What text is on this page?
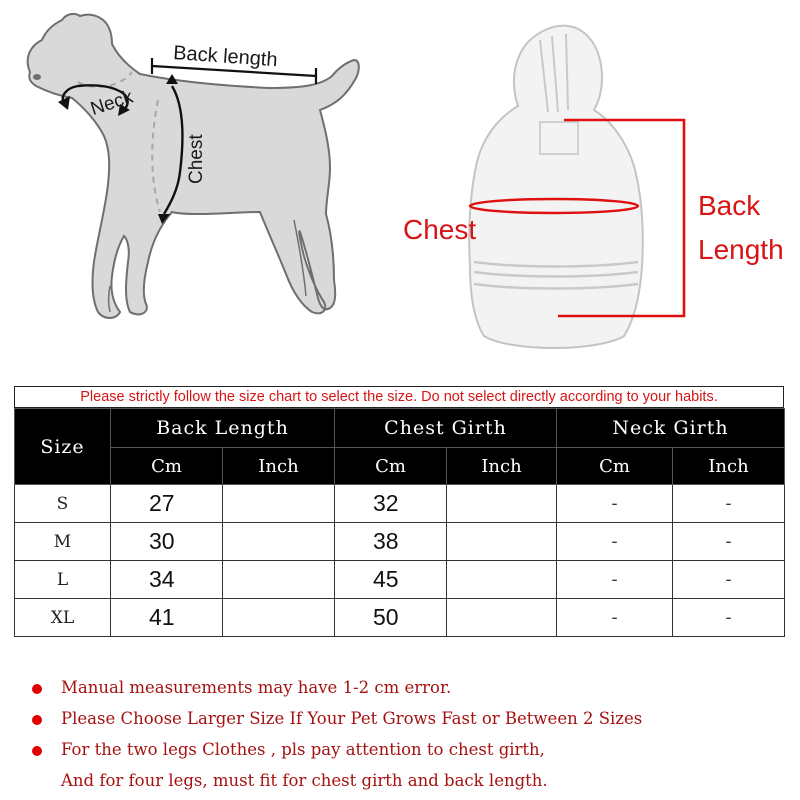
Back length
Neck
Chest
Chest
Back
Length
Please strictly follow the size chart to select the size. Do not select directly according to your habits.
Size	Back Length		Chest Girth		Neck Girth	
	Cm	Inch	Cm	Inch	Cm	Inch
S	27		32		-	-
M	30		38		-	-
L	34		45		-	-
XL	41		50		-	-
Manual measurements may have 1-2 cm error.
Please Choose Larger Size If Your Pet Grows Fast or Between 2 Sizes
For the two legs Clothes , pls pay attention to chest girth,
And for four legs, must fit for chest girth and back length.
